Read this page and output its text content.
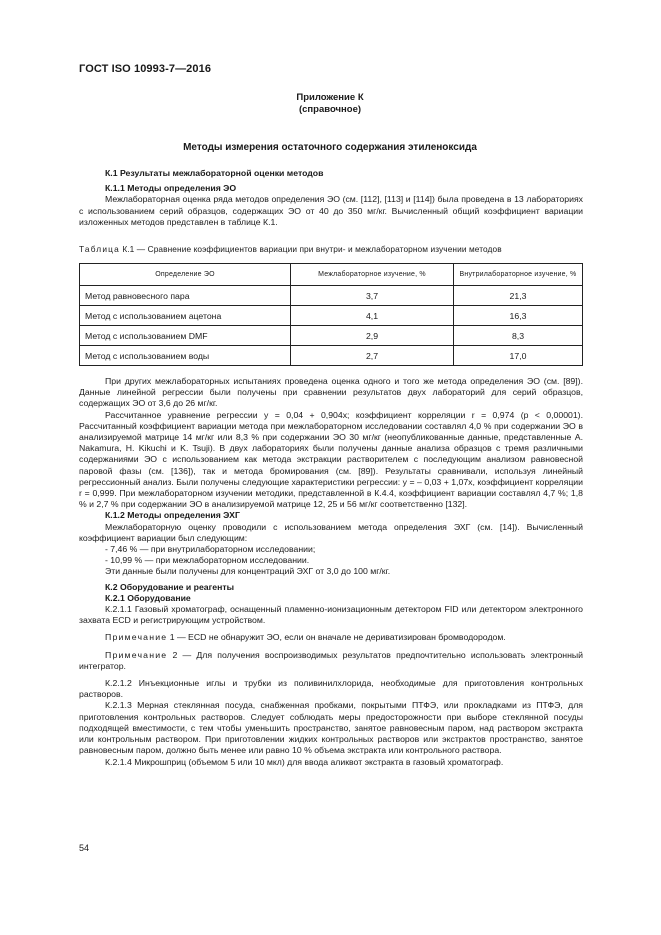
ГОСТ ISO 10993-7—2016
Приложение К
(справочное)
Методы измерения остаточного содержания этиленоксида

К.1 Результаты межлабораторной оценки методов

К.1.1 Методы определения ЭО

Межлабораторная оценка ряда методов определения ЭО (см. [112], [113] и [114]) была проведена в 13 лабораториях с использованием серий образцов, содержащих ЭО от 40 до 350 мг/кг. Вычисленный общий коэффициент вариации изложенных методов представлен в таблице К.1.

Таблица К.1 — Сравнение коэффициентов вариации при внутри- и межлабораторном изучении методов
Определение ЭО	Межлабораторное изучение, %	Внутрилабораторное изучение, %
Метод равновесного пара	3,7	21,3
Метод с использованием ацетона	4,1	16,3
Метод с использованием DMF	2,9	8,3
Метод с использованием воды	2,7	17,0

При других межлабораторных испытаниях проведена оценка одного и того же метода определения ЭО (см. [89]). Данные линейной регрессии были получены при сравнении результатов двух лабораторий для серий образцов, содержащих ЭО от 3,6 до 26 мг/кг.

Рассчитанное уравнение регрессии y = 0,04 + 0,904x; коэффициент корреляции r = 0,974 (p < 0,00001). Рассчитанный коэффициент вариации метода при межлабораторном исследовании составлял 4,0 % при содержании ЭО в анализируемой матрице 14 мг/кг или 8,3 % при содержании ЭО 30 мг/кг (неопубликованные данные, представленные A. Nakamura, H. Kikuchi и K. Tsuji). В двух лабораториях были получены данные анализа образцов с тремя различными содержаниями ЭО с использованием как метода экстракции растворителем с последующим анализом равновесной паровой фазы (см. [136]), так и метода бромирования (см. [89]). Результаты сравнивали, используя линейный регрессионный анализ. Были получены следующие характеристики регрессии: y = – 0,03 + 1,07x, коэффициент корреляции r = 0,999. При межлабораторном изучении методики, представленной в К.4.4, коэффициент вариации составлял 4,7 %; 1,8 % и 2,7 % при содержании ЭО в анализируемой матрице 12, 25 и 56 мг/кг соответственно [132].

К.1.2 Методы определения ЭХГ

Межлабораторную оценку проводили с использованием метода определения ЭХГ (см. [14]). Вычисленный коэффициент вариации был следующим:

- 7,46 % — при внутрилабораторном исследовании;

- 10,99 % — при межлабораторном исследовании.

Эти данные были получены для концентраций ЭХГ от 3,0 до 100 мг/кг.

К.2 Оборудование и реагенты

К.2.1 Оборудование

К.2.1.1 Газовый хроматограф, оснащенный пламенно-ионизационным детектором FID или детектором электронного захвата ECD и регистрирующим устройством.

Примечание 1 — ECD не обнаружит ЭО, если он вначале не дериватизирован бромводородом.

Примечание 2 — Для получения воспроизводимых результатов предпочтительно использовать электронный интегратор.

К.2.1.2 Инъекционные иглы и трубки из поливинилхлорида, необходимые для приготовления контрольных растворов.

К.2.1.3 Мерная стеклянная посуда, снабженная пробками, покрытыми ПТФЭ, или прокладками из ПТФЭ, для приготовления контрольных растворов. Следует соблюдать меры предосторожности при выборе стеклянной посуды подходящей вместимости, с тем чтобы уменьшить пространство, занятое равновесным паром, над раствором экстракта или контрольным раствором. При приготовлении жидких контрольных растворов или экстрактов пространство, занятое равновесным паром, должно быть менее или равно 10 % объема экстракта или контрольного раствора.

К.2.1.4 Микрошприц (объемом 5 или 10 мкл) для ввода аликвот экстракта в газовый хроматограф.

54
